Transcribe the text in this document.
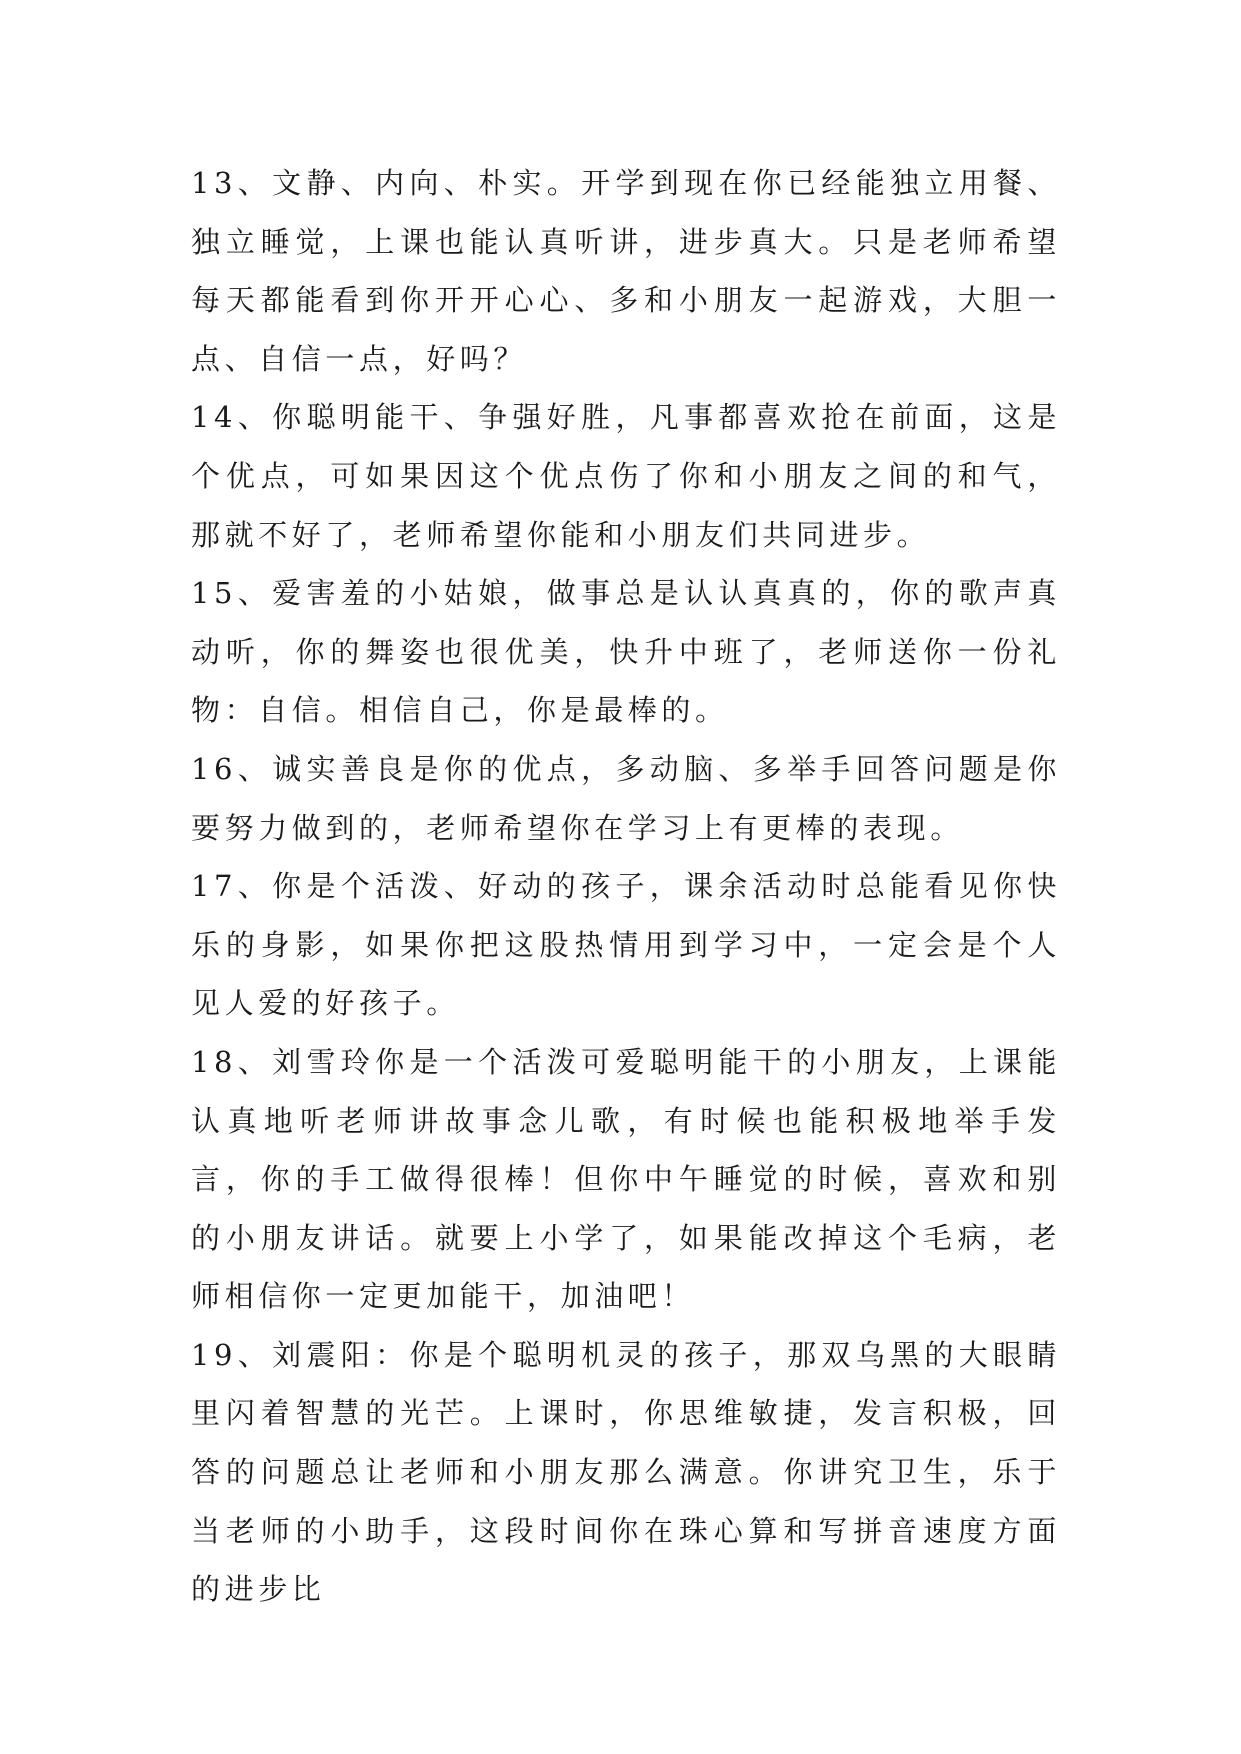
13、文静、内向、朴实。开学到现在你已经能独立用餐、独立睡觉，上课也能认真听讲，进步真大。只是老师希望每天都能看到你开开心心、多和小朋友一起游戏，大胆一点、自信一点，好吗？

14、你聪明能干、争强好胜，凡事都喜欢抢在前面，这是个优点，可如果因这个优点伤了你和小朋友之间的和气，那就不好了，老师希望你能和小朋友们共同进步。

15、爱害羞的小姑娘，做事总是认认真真的，你的歌声真动听，你的舞姿也很优美，快升中班了，老师送你一份礼物：自信。相信自己，你是最棒的。

16、诚实善良是你的优点，多动脑、多举手回答问题是你要努力做到的，老师希望你在学习上有更棒的表现。

17、你是个活泼、好动的孩子，课余活动时总能看见你快乐的身影，如果你把这股热情用到学习中，一定会是个人见人爱的好孩子。

18、刘雪玲你是一个活泼可爱聪明能干的小朋友，上课能认真地听老师讲故事念儿歌，有时候也能积极地举手发言，你的手工做得很棒！但你中午睡觉的时候，喜欢和别的小朋友讲话。就要上小学了，如果能改掉这个毛病，老师相信你一定更加能干，加油吧！

19、刘震阳：你是个聪明机灵的孩子，那双乌黑的大眼睛里闪着智慧的光芒。上课时，你思维敏捷，发言积极，回答的问题总让老师和小朋友那么满意。你讲究卫生，乐于当老师的小助手，这段时间你在珠心算和写拼音速度方面的进步比
